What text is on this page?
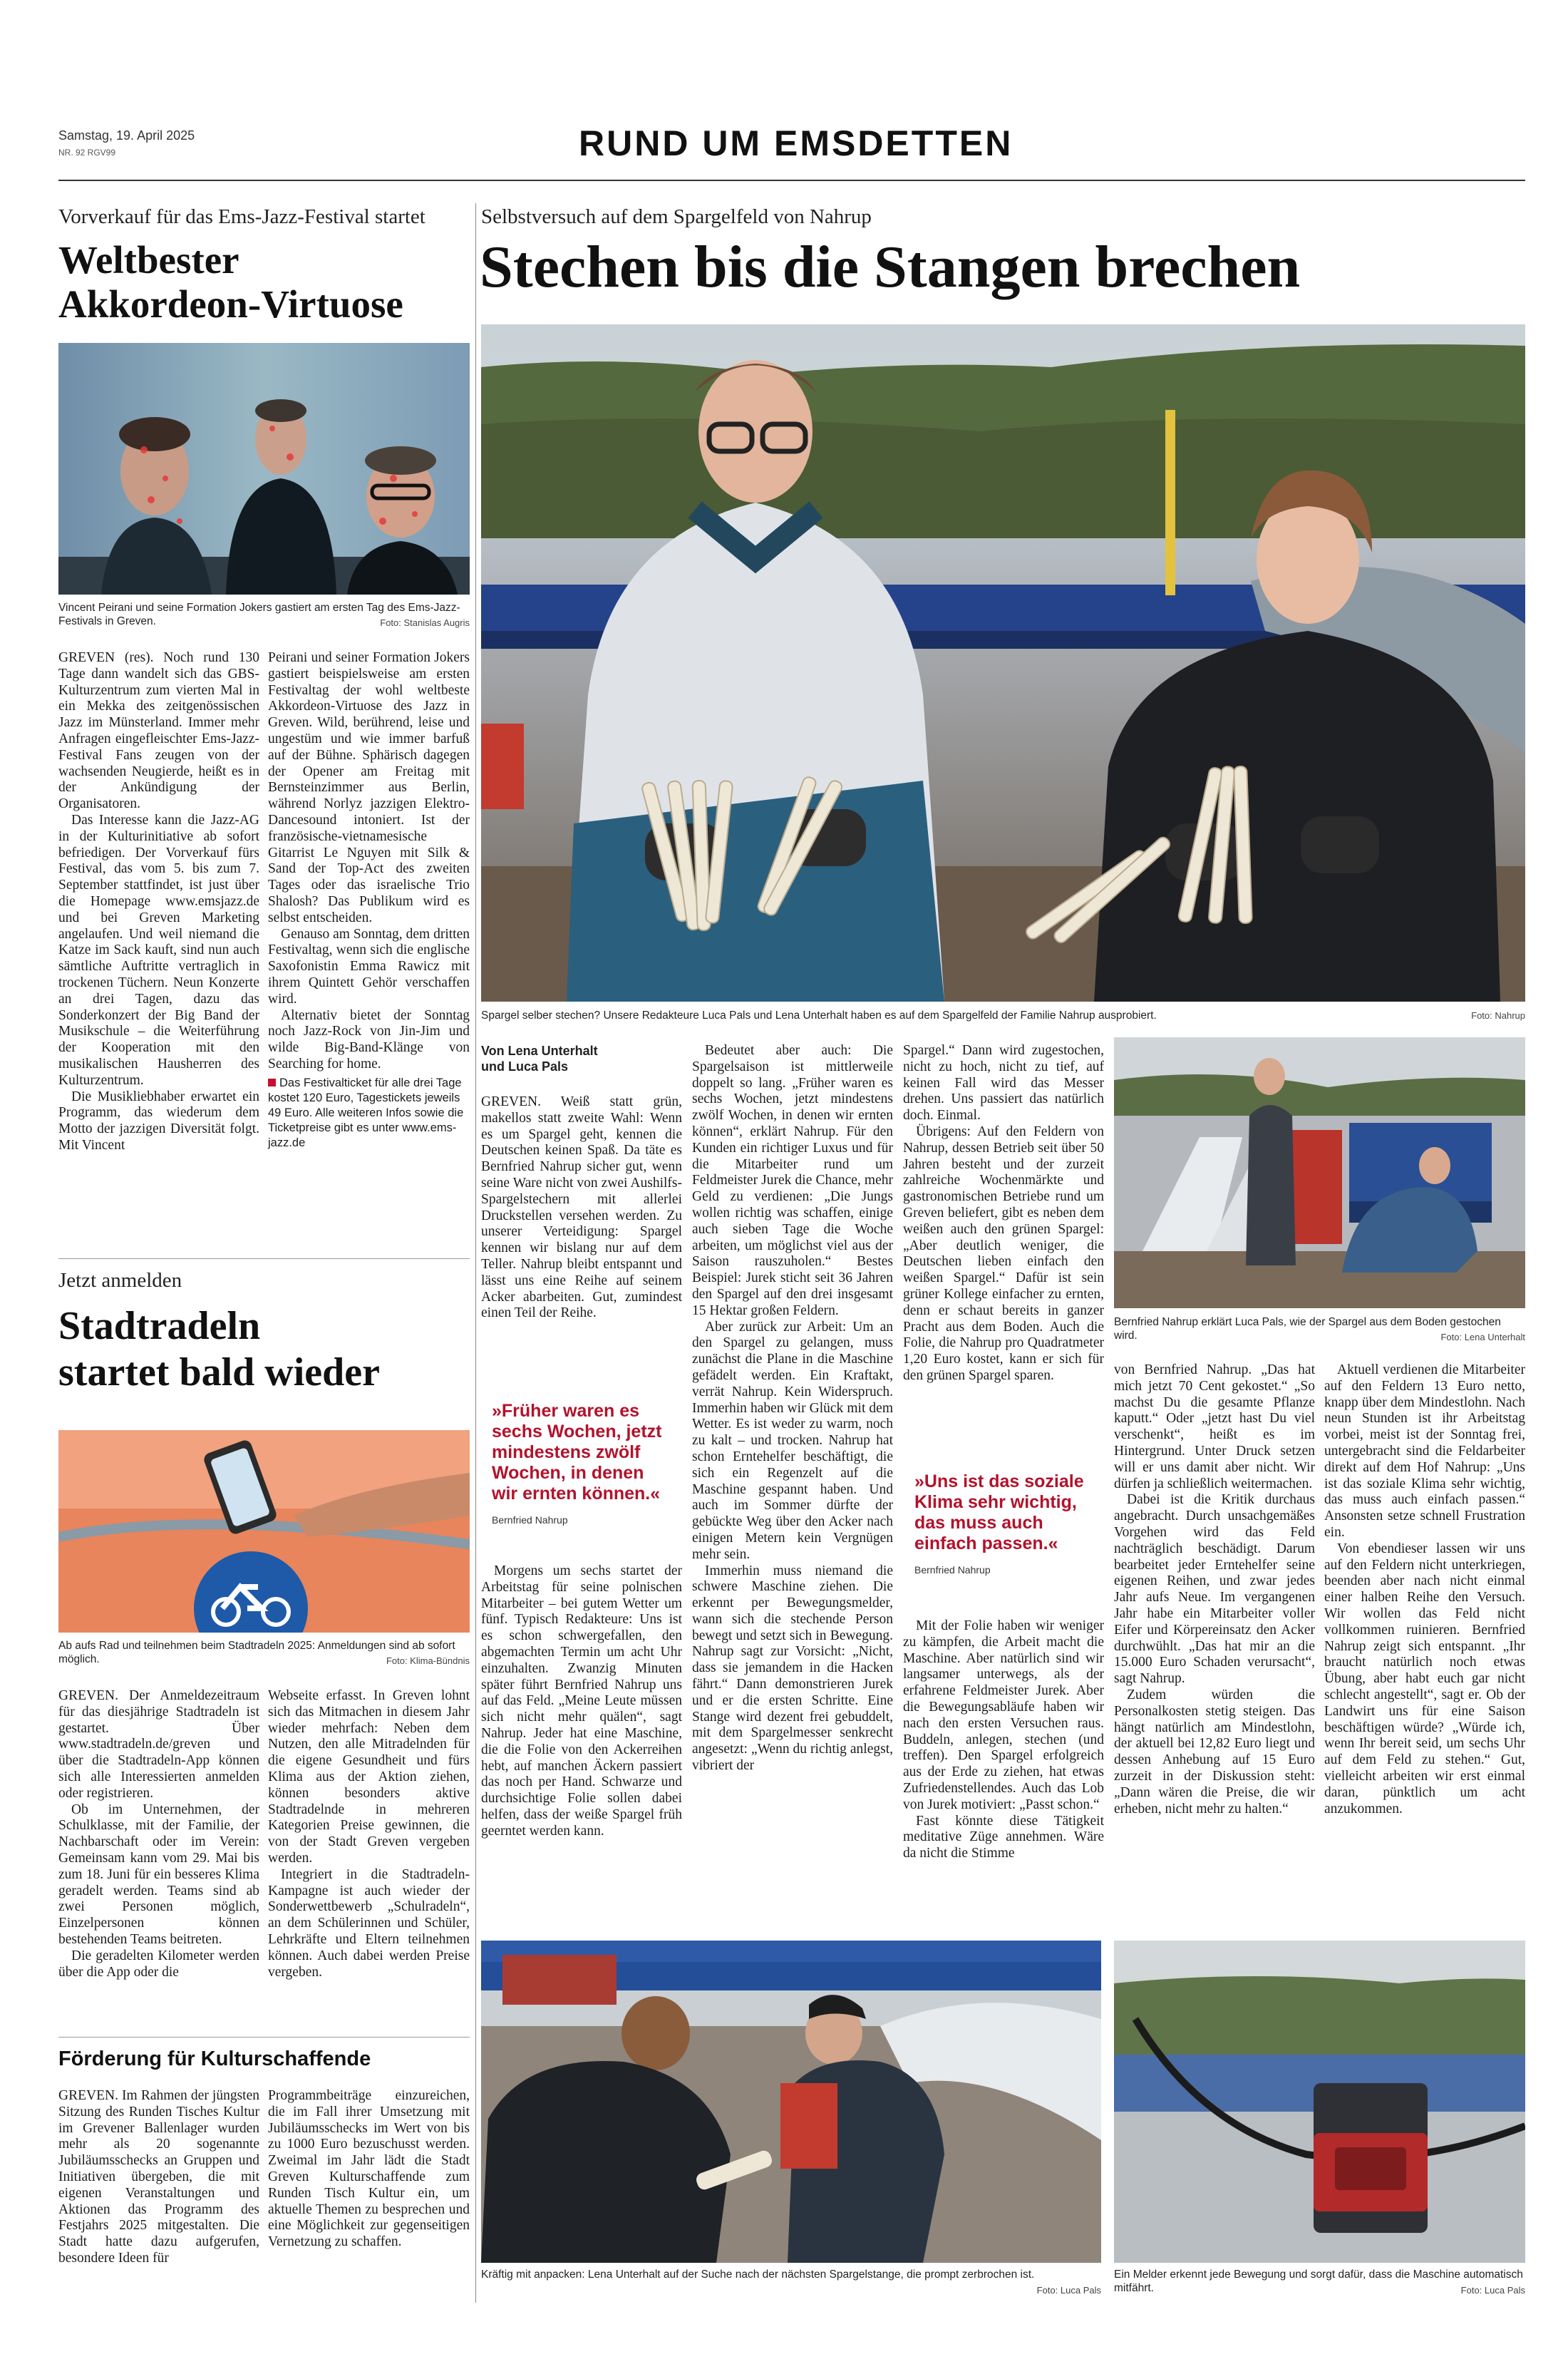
Samstag, 19. April 2025
NR. 92 RGV99	RUND UM EMSDETTEN
Vorverkauf für das Ems-Jazz-Festival startet
Weltbester
Akkordeon-Virtuose
Vincent Peirani und seine Formation Jokers gastiert am ersten Tag des Ems-Jazz-Festivals in Greven.	Foto: Stanislas Augris

GREVEN (res). Noch rund 130 Tage dann wandelt sich das GBS-Kulturzentrum zum vierten Mal in ein Mekka des zeitgenössischen Jazz im Münsterland. Immer mehr Anfragen eingefleischter Ems-Jazz-Festival Fans zeugen von der wachsenden Neugierde, heißt es in der Ankündigung der Organisatoren.

Das Interesse kann die Jazz-AG in der Kulturinitiative ab sofort befriedigen. Der Vorverkauf fürs Festival, das vom 5. bis zum 7. September stattfindet, ist just über die Homepage www.emsjazz.de und bei Greven Marketing angelaufen. Und weil niemand die Katze im Sack kauft, sind nun auch sämtliche Auftritte vertraglich in trockenen Tüchern. Neun Konzerte an drei Tagen, dazu das Sonderkonzert der Big Band der Musikschule – die Weiterführung der Kooperation mit den musikalischen Hausherren des Kulturzentrum.

Die Musikliebhaber erwartet ein Programm, das wiederum dem Motto der jazzigen Diversität folgt. Mit Vincent

Peirani und seiner Formation Jokers gastiert beispielsweise am ersten Festivaltag der wohl weltbeste Akkordeon-Virtuose des Jazz in Greven. Wild, berührend, leise und ungestüm und wie immer barfuß auf der Bühne. Sphärisch dagegen der Opener am Freitag mit Bernsteinzimmer aus Berlin, während Norlyz jazzigen Elektro-Dancesound intoniert. Ist der französische-vietnamesische Gitarrist Le Nguyen mit Silk & Sand der Top-Act des zweiten Tages oder das israelische Trio Shalosh? Das Publikum wird es selbst entscheiden.

Genauso am Sonntag, dem dritten Festivaltag, wenn sich die englische Saxofonistin Emma Rawicz mit ihrem Quintett Gehör verschaffen wird.

Alternativ bietet der Sonntag noch Jazz-Rock von Jin-Jim und wilde Big-Band-Klänge von Searching for home.

Das Festivalticket für alle drei Tage kostet 120 Euro, Tagestickets jeweils 49 Euro. Alle weiteren Infos sowie die Ticketpreise gibt es unter www.ems-jazz.de

Jetzt anmelden
Stadtradeln
startet bald wieder
Ab aufs Rad und teilnehmen beim Stadtradeln 2025: Anmeldungen sind ab sofort möglich.	Foto: Klima-Bündnis

GREVEN. Der Anmeldezeitraum für das diesjährige Stadtradeln ist gestartet. Über www.stadtradeln.de/greven und über die Stadtradeln-App können sich alle Interessierten anmelden oder registrieren.

Ob im Unternehmen, der Schulklasse, mit der Familie, der Nachbarschaft oder im Verein: Gemeinsam kann vom 29. Mai bis zum 18. Juni für ein besseres Klima geradelt werden. Teams sind ab zwei Personen möglich, Einzelpersonen können bestehenden Teams beitreten.

Die geradelten Kilometer werden über die App oder die

Webseite erfasst. In Greven lohnt sich das Mitmachen in diesem Jahr wieder mehrfach: Neben dem Nutzen, den alle Mitradelnden für die eigene Gesundheit und fürs Klima aus der Aktion ziehen, können besonders aktive Stadtradelnde in mehreren Kategorien Preise gewinnen, die von der Stadt Greven vergeben werden.

Integriert in die Stadtradeln-Kampagne ist auch wieder der Sonderwettbewerb „Schulradeln“, an dem Schülerinnen und Schüler, Lehrkräfte und Eltern teilnehmen können. Auch dabei werden Preise vergeben.

Förderung für Kulturschaffende

GREVEN. Im Rahmen der jüngsten Sitzung des Runden Tisches Kultur im Grevener Ballenlager wurden mehr als 20 sogenannte Jubiläumsschecks an Gruppen und Initiativen übergeben, die mit eigenen Veranstaltungen und Aktionen das Programm des Festjahrs 2025 mitgestalten. Die Stadt hatte dazu aufgerufen, besondere Ideen für

Programmbeiträge einzureichen, die im Fall ihrer Umsetzung mit Jubiläumsschecks im Wert von bis zu 1000 Euro bezuschusst werden. Zweimal im Jahr lädt die Stadt Greven Kulturschaffende zum Runden Tisch Kultur ein, um aktuelle Themen zu besprechen und eine Möglichkeit zur gegenseitigen Vernetzung zu schaffen.

Selbstversuch auf dem Spargelfeld von Nahrup
Stechen bis die Stangen brechen
Spargel selber stechen? Unsere Redakteure Luca Pals und Lena Unterhalt haben es auf dem Spargelfeld der Familie Nahrup ausprobiert.	Foto: Nahrup
Von Lena Unterhalt und Luca Pals

GREVEN. Weiß statt grün, makellos statt zweite Wahl: Wenn es um Spargel geht, kennen die Deutschen keinen Spaß. Da täte es Bernfried Nahrup sicher gut, wenn seine Ware nicht von zwei Aushilfs-Spargelstechern mit allerlei Druckstellen versehen werden. Zu unserer Verteidigung: Spargel kennen wir bislang nur auf dem Teller. Nahrup bleibt entspannt und lässt uns eine Reihe auf seinem Acker abarbeiten. Gut, zumindest einen Teil der Reihe.

»Früher waren es sechs Wochen, jetzt mindestens zwölf Wochen, in denen wir ernten können.«
Bernfried Nahrup

Morgens um sechs startet der Arbeitstag für seine polnischen Mitarbeiter – bei gutem Wetter um fünf. Typisch Redakteure: Uns ist es schon schwergefallen, den abgemachten Termin um acht Uhr einzuhalten. Zwanzig Minuten später führt Bernfried Nahrup uns auf das Feld. „Meine Leute müssen sich nicht mehr quälen“, sagt Nahrup. Jeder hat eine Maschine, die die Folie von den Ackerreihen hebt, auf manchen Äckern passiert das noch per Hand. Schwarze und durchsichtige Folie sollen dabei helfen, dass der weiße Spargel früh geerntet werden kann.

Bedeutet aber auch: Die Spargelsaison ist mittlerweile doppelt so lang. „Früher waren es sechs Wochen, jetzt mindestens zwölf Wochen, in denen wir ernten können“, erklärt Nahrup. Für den Kunden ein richtiger Luxus und für die Mitarbeiter rund um Feldmeister Jurek die Chance, mehr Geld zu verdienen: „Die Jungs wollen richtig was schaffen, einige auch sieben Tage die Woche arbeiten, um möglichst viel aus der Saison rauszuholen.“ Bestes Beispiel: Jurek sticht seit 36 Jahren den Spargel auf den drei insgesamt 15 Hektar großen Feldern.

Aber zurück zur Arbeit: Um an den Spargel zu gelangen, muss zunächst die Plane in die Maschine gefädelt werden. Ein Kraftakt, verrät Nahrup. Kein Widerspruch. Immerhin haben wir Glück mit dem Wetter. Es ist weder zu warm, noch zu kalt – und trocken. Nahrup hat schon Erntehelfer beschäftigt, die sich ein Regenzelt auf die Maschine gespannt haben. Und auch im Sommer dürfte der gebückte Weg über den Acker nach einigen Metern kein Vergnügen mehr sein.

Immerhin muss niemand die schwere Maschine ziehen. Die erkennt per Bewegungsmelder, wann sich die stechende Person bewegt und setzt sich in Bewegung. Nahrup sagt zur Vorsicht: „Nicht, dass sie jemandem in die Hacken fährt.“ Dann demonstrieren Jurek und er die ersten Schritte. Eine Stange wird dezent frei gebuddelt, mit dem Spargelmesser senkrecht angesetzt: „Wenn du richtig anlegst, vibriert der

Spargel.“ Dann wird zugestochen, nicht zu hoch, nicht zu tief, auf keinen Fall wird das Messer drehen. Uns passiert das natürlich doch. Einmal.

Übrigens: Auf den Feldern von Nahrup, dessen Betrieb seit über 50 Jahren besteht und der zurzeit zahlreiche Wochenmärkte und gastronomischen Betriebe rund um Greven beliefert, gibt es neben dem weißen auch den grünen Spargel: „Aber deutlich weniger, die Deutschen lieben einfach den weißen Spargel.“ Dafür ist sein grüner Kollege einfacher zu ernten, denn er schaut bereits in ganzer Pracht aus dem Boden. Auch die Folie, die Nahrup pro Quadratmeter 1,20 Euro kostet, kann er sich für den grünen Spargel sparen.

»Uns ist das soziale Klima sehr wichtig, das muss auch einfach passen.«
Bernfried Nahrup

Mit der Folie haben wir weniger zu kämpfen, die Arbeit macht die Maschine. Aber natürlich sind wir langsamer unterwegs, als der erfahrene Feldmeister Jurek. Aber die Bewegungsabläufe haben wir nach den ersten Versuchen raus. Buddeln, anlegen, stechen (und treffen). Den Spargel erfolgreich aus der Erde zu ziehen, hat etwas Zufriedenstellendes. Auch das Lob von Jurek motiviert: „Passt schon.“

Fast könnte diese Tätigkeit meditative Züge annehmen. Wäre da nicht die Stimme

Bernfried Nahrup erklärt Luca Pals, wie der Spargel aus dem Boden gestochen wird.	Foto: Lena Unterhalt

von Bernfried Nahrup. „Das hat mich jetzt 70 Cent gekostet.“ „So machst Du die gesamte Pflanze kaputt.“ Oder „jetzt hast Du viel verschenkt“, heißt es im Hintergrund. Unter Druck setzen will er uns damit aber nicht. Wir dürfen ja schließlich weitermachen.

Dabei ist die Kritik durchaus angebracht. Durch unsachgemäßes Vorgehen wird das Feld nachträglich beschädigt. Darum bearbeitet jeder Erntehelfer seine eigenen Reihen, und zwar jedes Jahr aufs Neue. Im vergangenen Jahr habe ein Mitarbeiter voller Eifer und Körpereinsatz den Acker durchwühlt. „Das hat mir an die 15.000 Euro Schaden verursacht“, sagt Nahrup.

Zudem würden die Personalkosten stetig steigen. Das hängt natürlich am Mindestlohn, der aktuell bei 12,82 Euro liegt und dessen Anhebung auf 15 Euro zurzeit in der Diskussion steht: „Dann wären die Preise, die wir erheben, nicht mehr zu halten.“

Aktuell verdienen die Mitarbeiter auf den Feldern 13 Euro netto, knapp über dem Mindestlohn. Nach neun Stunden ist ihr Arbeitstag vorbei, meist ist der Sonntag frei, untergebracht sind die Feldarbeiter direkt auf dem Hof Nahrup: „Uns ist das soziale Klima sehr wichtig, das muss auch einfach passen.“ Ansonsten setze schnell Frustration ein.

Von ebendieser lassen wir uns auf den Feldern nicht unterkriegen, beenden aber nach nicht einmal einer halben Reihe den Versuch. Wir wollen das Feld nicht vollkommen ruinieren. Bernfried Nahrup zeigt sich entspannt. „Ihr braucht natürlich noch etwas Übung, aber habt euch gar nicht schlecht angestellt“, sagt er. Ob der Landwirt uns für eine Saison beschäftigen würde? „Würde ich, wenn Ihr bereit seid, um sechs Uhr auf dem Feld zu stehen.“ Gut, vielleicht arbeiten wir erst einmal daran, pünktlich um acht anzukommen.

Kräftig mit anpacken: Lena Unterhalt auf der Suche nach der nächsten Spargelstange, die prompt zerbrochen ist.
Foto: Luca Pals
Ein Melder erkennt jede Bewegung und sorgt dafür, dass die Maschine automatisch mitfährt.	Foto: Luca Pals
